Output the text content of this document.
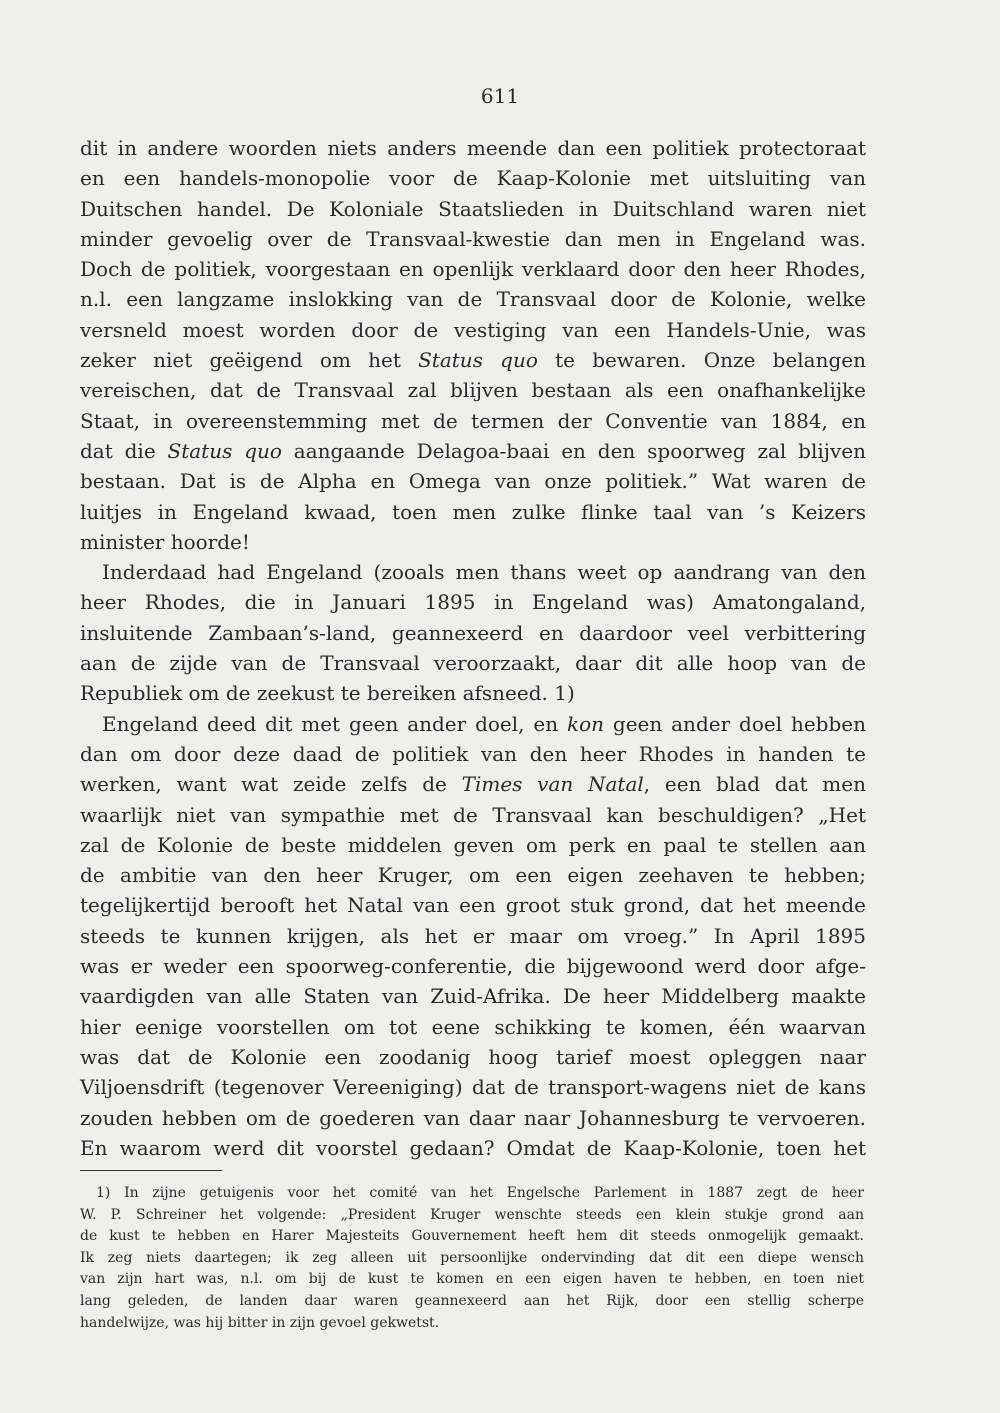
611
dit in andere woorden niets anders meende dan een politiek protectoraat
en een handels-monopolie voor de Kaap-Kolonie met uitsluiting van
Duitschen handel. De Koloniale Staatslieden in Duitschland waren niet
minder gevoelig over de Transvaal-kwestie dan men in Engeland was.
Doch de politiek, voorgestaan en openlijk verklaard door den heer Rhodes,
n.l. een langzame inslokking van de Transvaal door de Kolonie, welke
versneld moest worden door de vestiging van een Handels-Unie, was
zeker niet geëigend om het Status quo te bewaren. Onze belangen
vereischen, dat de Transvaal zal blijven bestaan als een onafhankelijke
Staat, in overeenstemming met de termen der Conventie van 1884, en
dat die Status quo aangaande Delagoa-baai en den spoorweg zal blijven
bestaan. Dat is de Alpha en Omega van onze politiek.” Wat waren de
luitjes in Engeland kwaad, toen men zulke flinke taal van ’s Keizers
minister hoorde!
Inderdaad had Engeland (zooals men thans weet op aandrang van den
heer Rhodes, die in Januari 1895 in Engeland was) Amatongaland,
insluitende Zambaan’s-land, geannexeerd en daardoor veel verbittering
aan de zijde van de Transvaal veroorzaakt, daar dit alle hoop van de
Republiek om de zeekust te bereiken afsneed. 1)
Engeland deed dit met geen ander doel, en kon geen ander doel hebben
dan om door deze daad de politiek van den heer Rhodes in handen te
werken, want wat zeide zelfs de Times van Natal, een blad dat men
waarlijk niet van sympathie met de Transvaal kan beschuldigen? „Het
zal de Kolonie de beste middelen geven om perk en paal te stellen aan
de ambitie van den heer Kruger, om een eigen zeehaven te hebben;
tegelijkertijd berooft het Natal van een groot stuk grond, dat het meende
steeds te kunnen krijgen, als het er maar om vroeg.” In April 1895
was er weder een spoorweg-conferentie, die bijgewoond werd door afge-
vaardigden van alle Staten van Zuid-Afrika. De heer Middelberg maakte
hier eenige voorstellen om tot eene schikking te komen, één waarvan
was dat de Kolonie een zoodanig hoog tarief moest opleggen naar
Viljoensdrift (tegenover Vereeniging) dat de transport-wagens niet de kans
zouden hebben om de goederen van daar naar Johannesburg te vervoeren.
En waarom werd dit voorstel gedaan? Omdat de Kaap-Kolonie, toen het
1) In zijne getuigenis voor het comité van het Engelsche Parlement in 1887 zegt de heer
W. P. Schreiner het volgende: „President Kruger wenschte steeds een klein stukje grond aan
de kust te hebben en Harer Majesteits Gouvernement heeft hem dit steeds onmogelijk gemaakt.
Ik zeg niets daartegen; ik zeg alleen uit persoonlijke ondervinding dat dit een diepe wensch
van zijn hart was, n.l. om bij de kust te komen en een eigen haven te hebben, en toen niet
lang geleden, de landen daar waren geannexeerd aan het Rijk, door een stellig scherpe
handelwijze, was hij bitter in zijn gevoel gekwetst.
